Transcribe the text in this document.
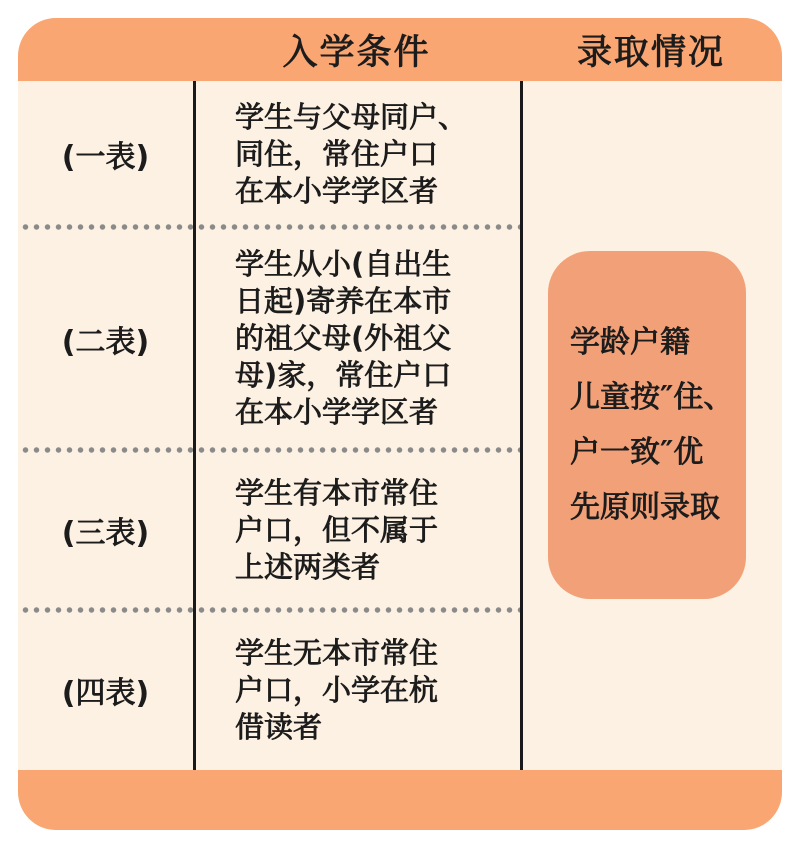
入学条件	录取情况
(一表)
学生与父母同户、
同住，常住户口
在本小学学区者
(二表)
学生从小(自出生
日起)寄养在本市
的祖父母(外祖父
母)家，常住户口
在本小学学区者
(三表)
学生有本市常住
户口，但不属于
上述两类者
(四表)
学生无本市常住
户口，小学在杭
借读者
学龄户籍
儿童按″住、
户一致″优
先原则录取
